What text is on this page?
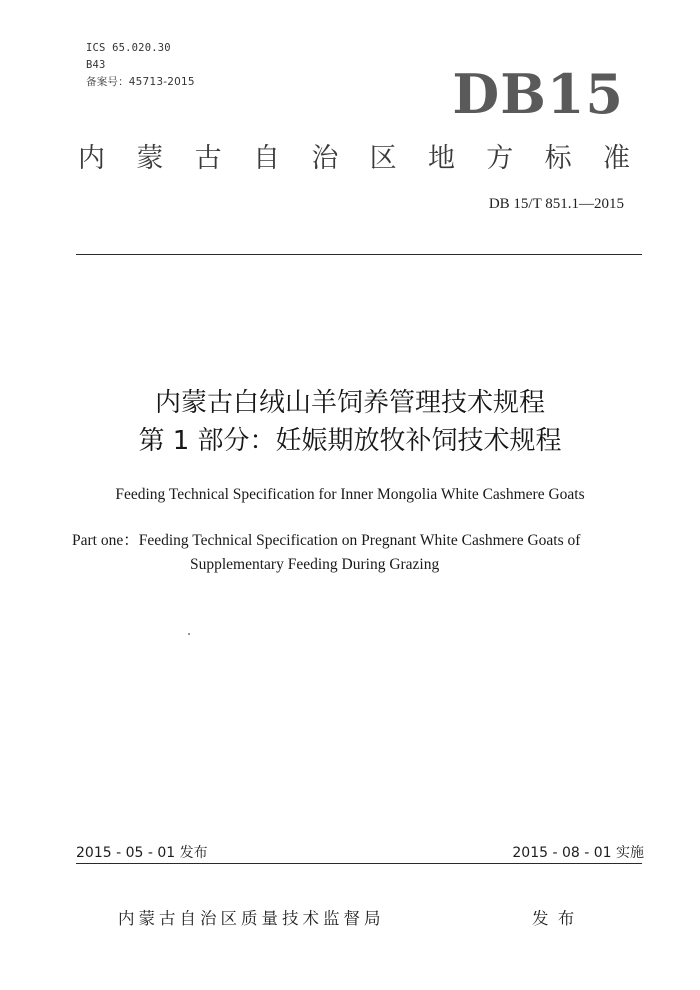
ICS 65.020.30
B43
备案号：45713-2015	DB15
内 蒙 古 自 治 区 地 方 标 准
DB 15/T 851.1—2015
内蒙古白绒山羊饲养管理技术规程
第 1 部分：妊娠期放牧补饲技术规程
Feeding Technical Specification for Inner Mongolia White Cashmere Goats
Part one：Feeding Technical Specification on Pregnant White Cashmere Goats of
Supplementary Feeding During Grazing
2015 - 05 - 01 发布	2015 - 08 - 01 实施
内蒙古自治区质量技术监督局	发 布
